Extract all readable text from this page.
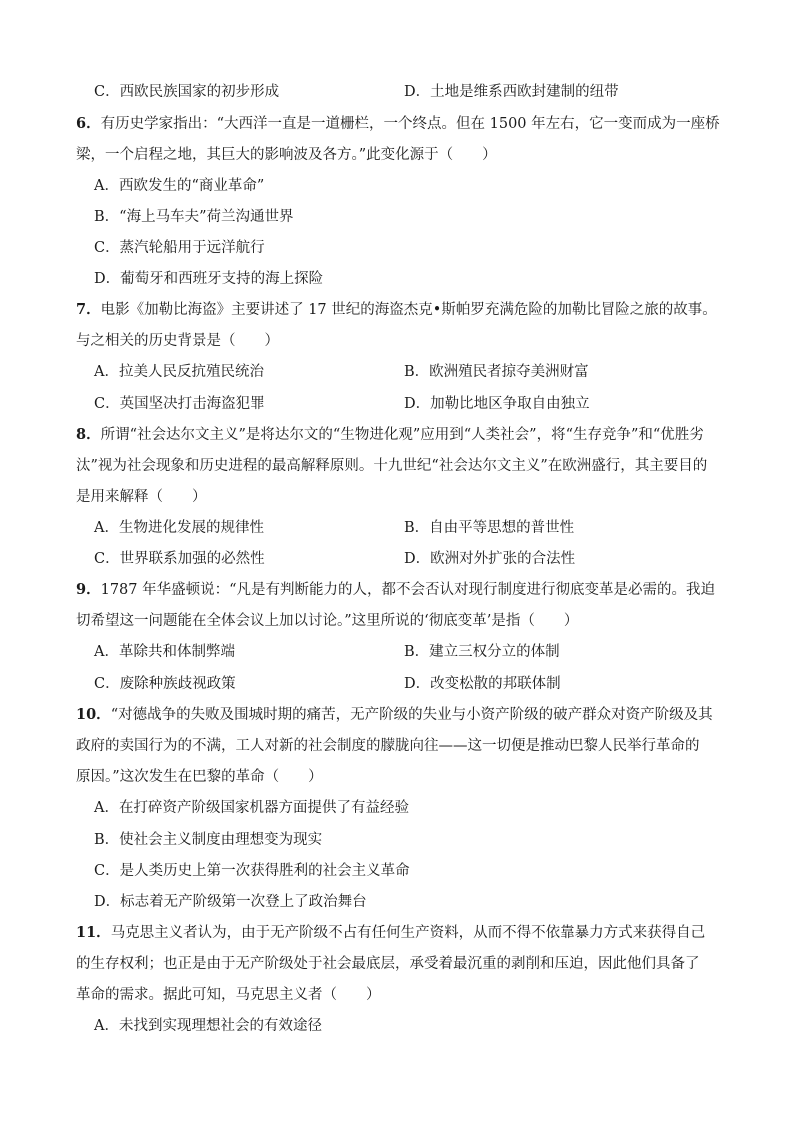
C．西欧民族国家的初步形成	D．土地是维系西欧封建制的纽带
6．有历史学家指出：“大西洋一直是一道栅栏，一个终点。但在 1500 年左右，它一变而成为一座桥
梁，一个启程之地，其巨大的影响波及各方。”此变化源于（　　）
A．西欧发生的“商业革命”
B．“海上马车夫”荷兰沟通世界
C．蒸汽轮船用于远洋航行
D．葡萄牙和西班牙支持的海上探险
7．电影《加勒比海盗》主要讲述了 17 世纪的海盗杰克•斯帕罗充满危险的加勒比冒险之旅的故事。
与之相关的历史背景是（　　）
A．拉美人民反抗殖民统治	B．欧洲殖民者掠夺美洲财富
C．英国坚决打击海盗犯罪	D．加勒比地区争取自由独立
8．所谓“社会达尔文主义”是将达尔文的“生物进化观”应用到“人类社会”，将“生存竞争”和“优胜劣
汰”视为社会现象和历史进程的最高解释原则。十九世纪“社会达尔文主义”在欧洲盛行，其主要目的
是用来解释（　　）
A．生物进化发展的规律性	B．自由平等思想的普世性
C．世界联系加强的必然性	D．欧洲对外扩张的合法性
9．1787 年华盛顿说：“凡是有判断能力的人，都不会否认对现行制度进行彻底变革是必需的。我迫
切希望这一问题能在全体会议上加以讨论。”这里所说的‘彻底变革’是指（　　）
A．革除共和体制弊端	B．建立三权分立的体制
C．废除种族歧视政策	D．改变松散的邦联体制
10．“对德战争的失败及围城时期的痛苦，无产阶级的失业与小资产阶级的破产群众对资产阶级及其
政府的卖国行为的不满，工人对新的社会制度的朦胧向往——这一切便是推动巴黎人民举行革命的
原因。”这次发生在巴黎的革命（　　）
A．在打碎资产阶级国家机器方面提供了有益经验
B．使社会主义制度由理想变为现实
C．是人类历史上第一次获得胜利的社会主义革命
D．标志着无产阶级第一次登上了政治舞台
11．马克思主义者认为，由于无产阶级不占有任何生产资料，从而不得不依靠暴力方式来获得自己
的生存权利；也正是由于无产阶级处于社会最底层，承受着最沉重的剥削和压迫，因此他们具备了
革命的需求。据此可知，马克思主义者（　　）
A．未找到实现理想社会的有效途径
